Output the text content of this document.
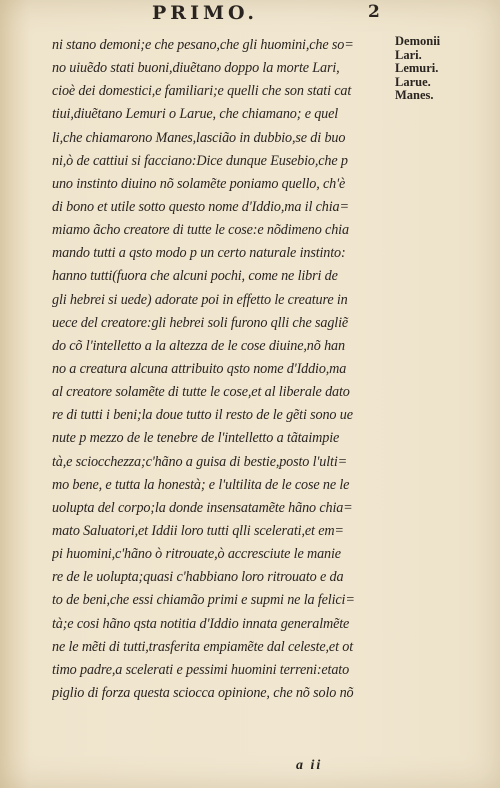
PRIMO.	2
Demonii
Lari.
Lemuri.
Larue.
Manes.
ni stano demoni;e che pesano,che gli huomini,che so=
no uiuẽdo stati buoni,diuẽtano doppo la morte Lari,
cioè dei domestici,e familiari;e quelli che son stati cat
tiui,diuẽtano Lemuri o Larue, che chiamano; e quel
li,che chiamarono Manes,lascião in dubbio,se di buo
ni,ò de cattiui si facciano:Dice dunque Eusebio,che p
uno instinto diuino nõ solamẽte poniamo quello, ch'è
di bono et utile sotto questo nome d'Iddio,ma il chia=
miamo ãcho creatore di tutte le cose:e nõdimeno chia
mando tutti a qsto modo p un certo naturale instinto:
hanno tutti(fuora che alcuni pochi, come ne libri de
gli hebrei si uede) adorate poi in effetto le creature in
uece del creatore:gli hebrei soli furono qlli che sagliẽ
do cõ l'intelletto a la altezza de le cose diuine,nõ han
no a creatura alcuna attribuito qsto nome d'Iddio,ma
al creatore solamẽte di tutte le cose,et al liberale dato
re di tutti i beni;la doue tutto il resto de le gẽti sono ue
nute p mezzo de le tenebre de l'intelletto a tãtaimpie
tà,e sciocchezza;c'hãno a guisa di bestie,posto l'ulti=
mo bene, e tutta la honestà; e l'ultilita de le cose ne le
uolupta del corpo;la donde insensatamẽte hãno chia=
mato Saluatori,et Iddii loro tutti qlli scelerati,et em=
pi huomini,c'hãno ò ritrouate,ò accresciute le manie
re de le uolupta;quasi c'habbiano loro ritrouato e da
to de beni,che essi chiamão primi e supmi ne la felici=
tà;e cosi hãno qsta notitia d'Iddio innata generalmẽte
ne le mẽti di tutti,trasferita empiamẽte dal celeste,et ot
timo padre,a scelerati e pessimi huomini terreni:etato
piglio di forza questa sciocca opinione, che nõ solo nõ
a ii
